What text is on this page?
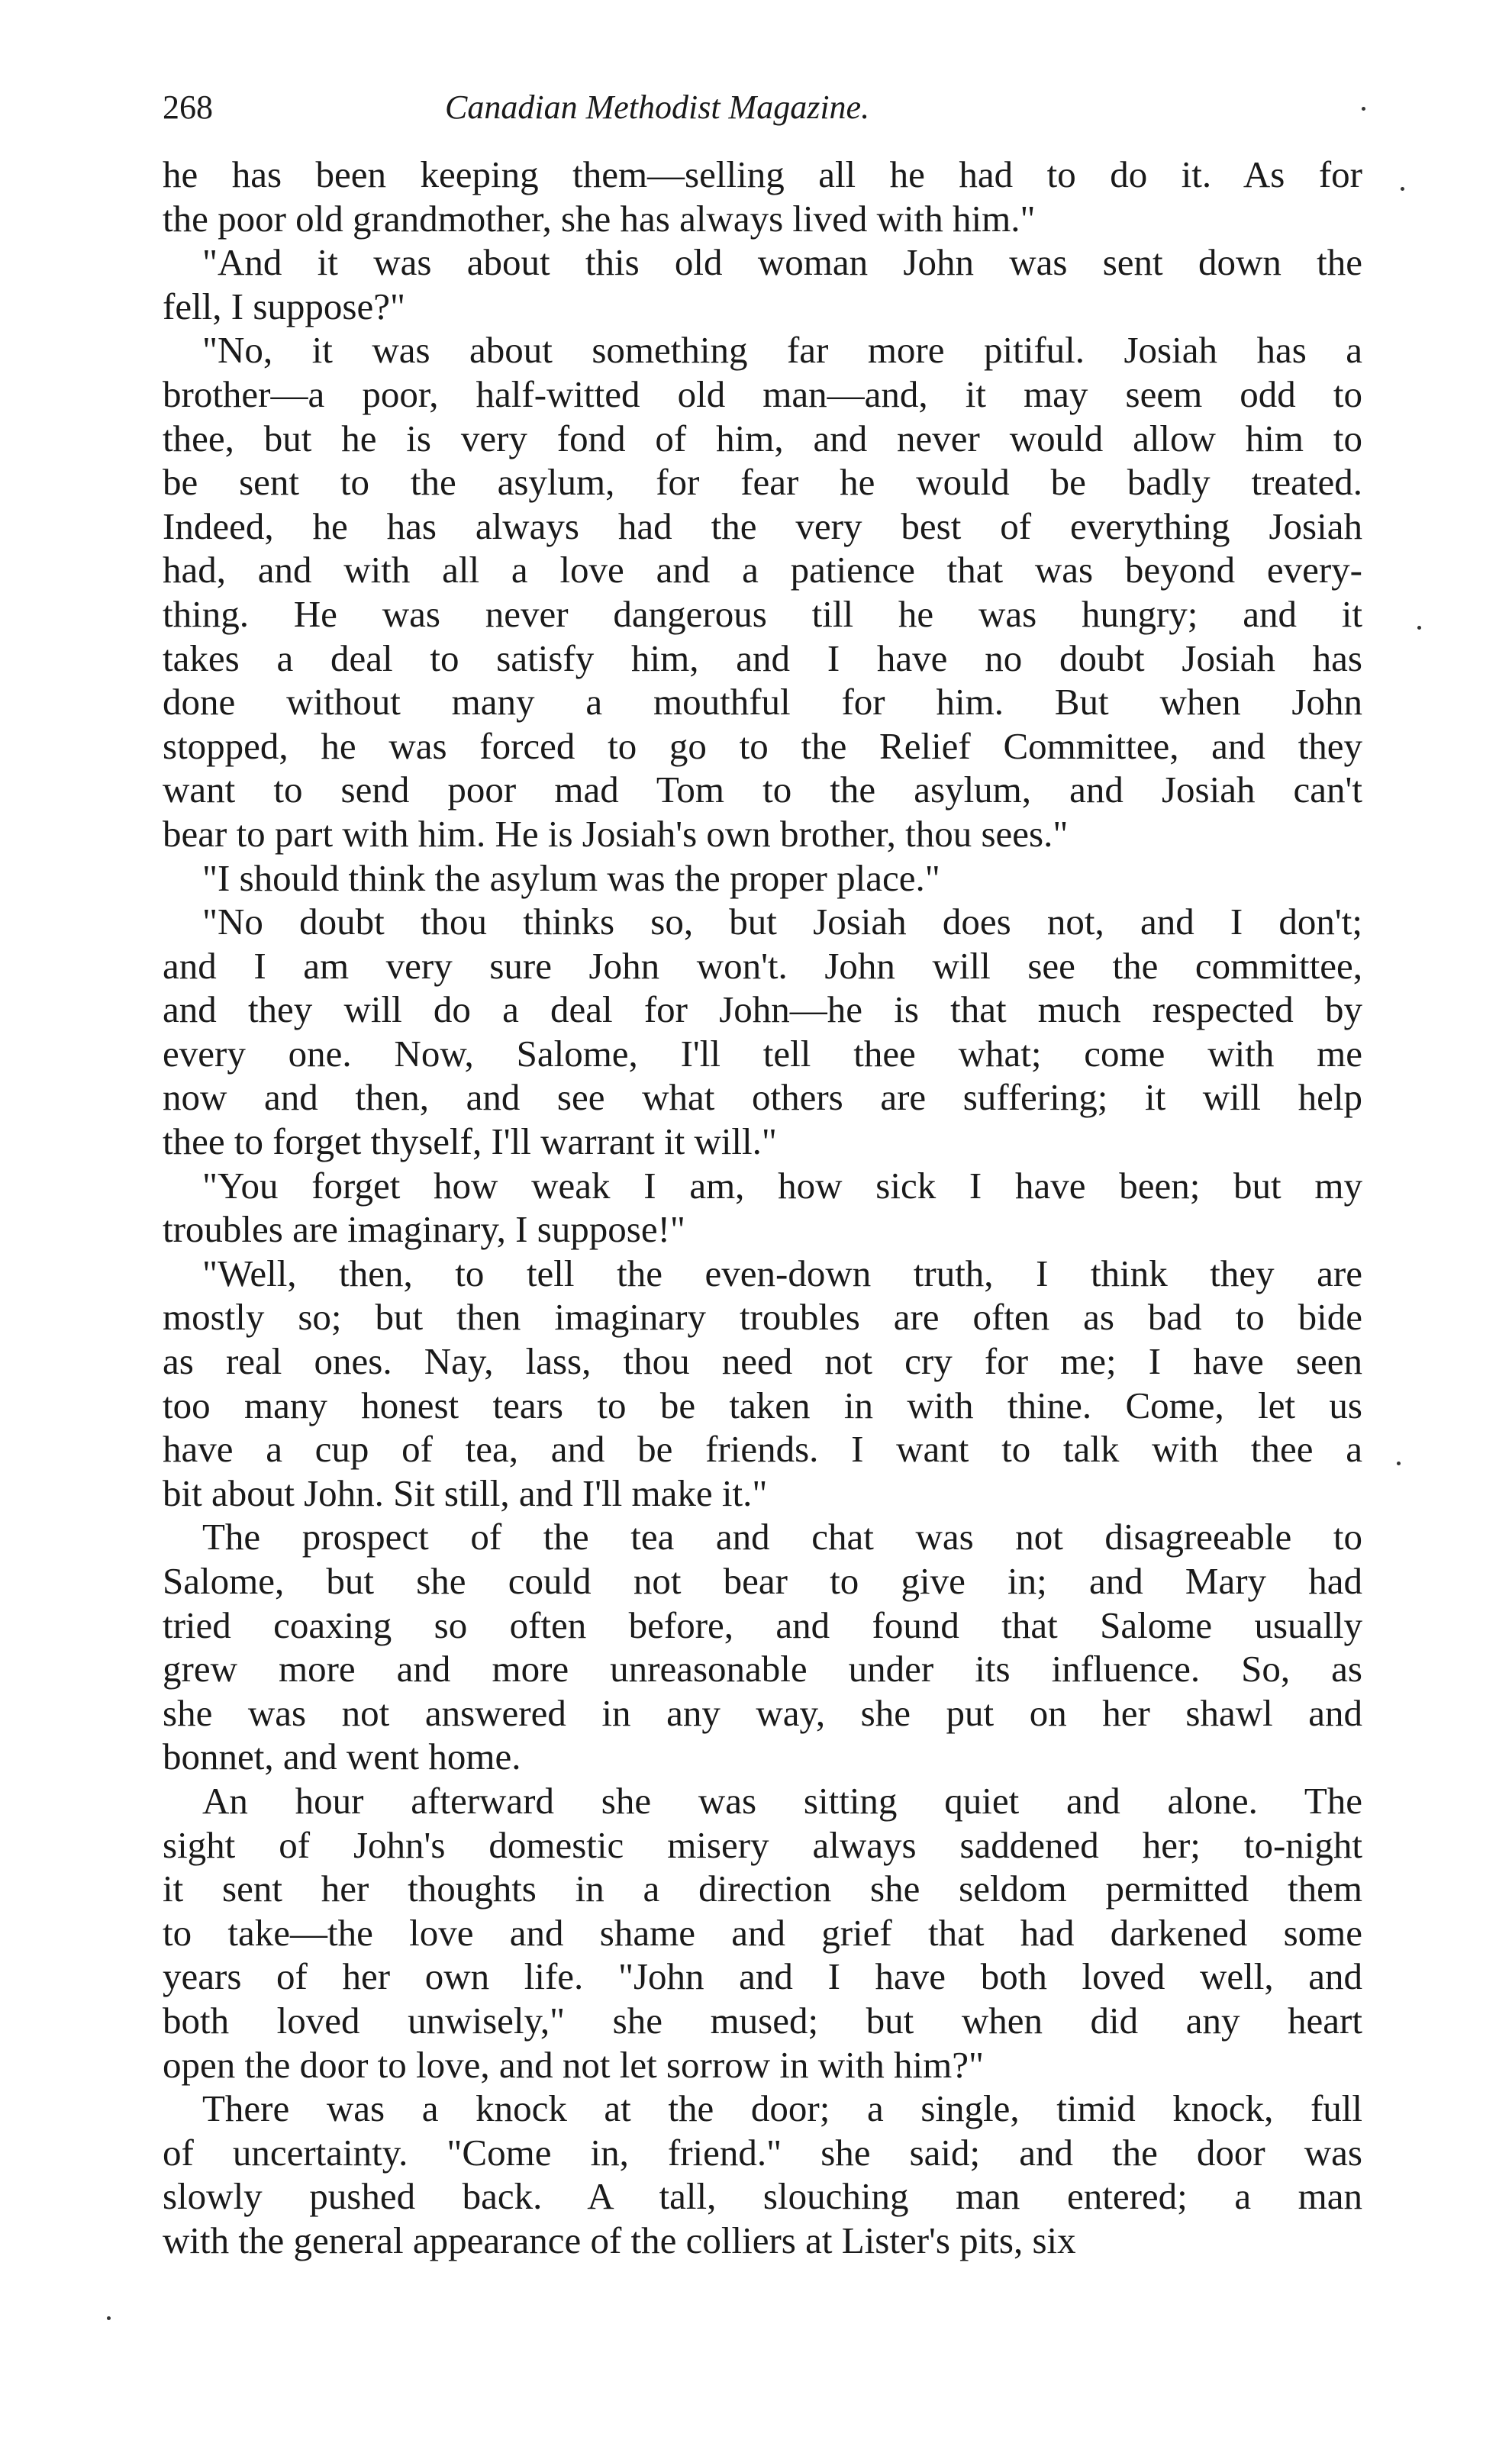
268	Canadian Methodist Magazine.
he has been keeping them—selling all he had to do it. As for
the poor old grandmother, she has always lived with him."
"And it was about this old woman John was sent down the
fell, I suppose?"
"No, it was about something far more pitiful. Josiah has a
brother—a poor, half-witted old man—and, it may seem odd to
thee, but he is very fond of him, and never would allow him to
be sent to the asylum, for fear he would be badly treated.
Indeed, he has always had the very best of everything Josiah
had, and with all a love and a patience that was beyond every-
thing. He was never dangerous till he was hungry; and it
takes a deal to satisfy him, and I have no doubt Josiah has
done without many a mouthful for him. But when John
stopped, he was forced to go to the Relief Committee, and they
want to send poor mad Tom to the asylum, and Josiah can't
bear to part with him. He is Josiah's own brother, thou sees."
"I should think the asylum was the proper place."
"No doubt thou thinks so, but Josiah does not, and I don't;
and I am very sure John won't. John will see the committee,
and they will do a deal for John—he is that much respected by
every one. Now, Salome, I'll tell thee what; come with me
now and then, and see what others are suffering; it will help
thee to forget thyself, I'll warrant it will."
"You forget how weak I am, how sick I have been; but my
troubles are imaginary, I suppose!"
"Well, then, to tell the even-down truth, I think they are
mostly so; but then imaginary troubles are often as bad to bide
as real ones. Nay, lass, thou need not cry for me; I have seen
too many honest tears to be taken in with thine. Come, let us
have a cup of tea, and be friends. I want to talk with thee a
bit about John. Sit still, and I'll make it."
The prospect of the tea and chat was not disagreeable to
Salome, but she could not bear to give in; and Mary had
tried coaxing so often before, and found that Salome usually
grew more and more unreasonable under its influence. So, as
she was not answered in any way, she put on her shawl and
bonnet, and went home.
An hour afterward she was sitting quiet and alone. The
sight of John's domestic misery always saddened her; to-night
it sent her thoughts in a direction she seldom permitted them
to take—the love and shame and grief that had darkened some
years of her own life. "John and I have both loved well, and
both loved unwisely," she mused; but when did any heart
open the door to love, and not let sorrow in with him?"
There was a knock at the door; a single, timid knock, full
of uncertainty. "Come in, friend." she said; and the door was
slowly pushed back. A tall, slouching man entered; a man
with the general appearance of the colliers at Lister's pits, six
